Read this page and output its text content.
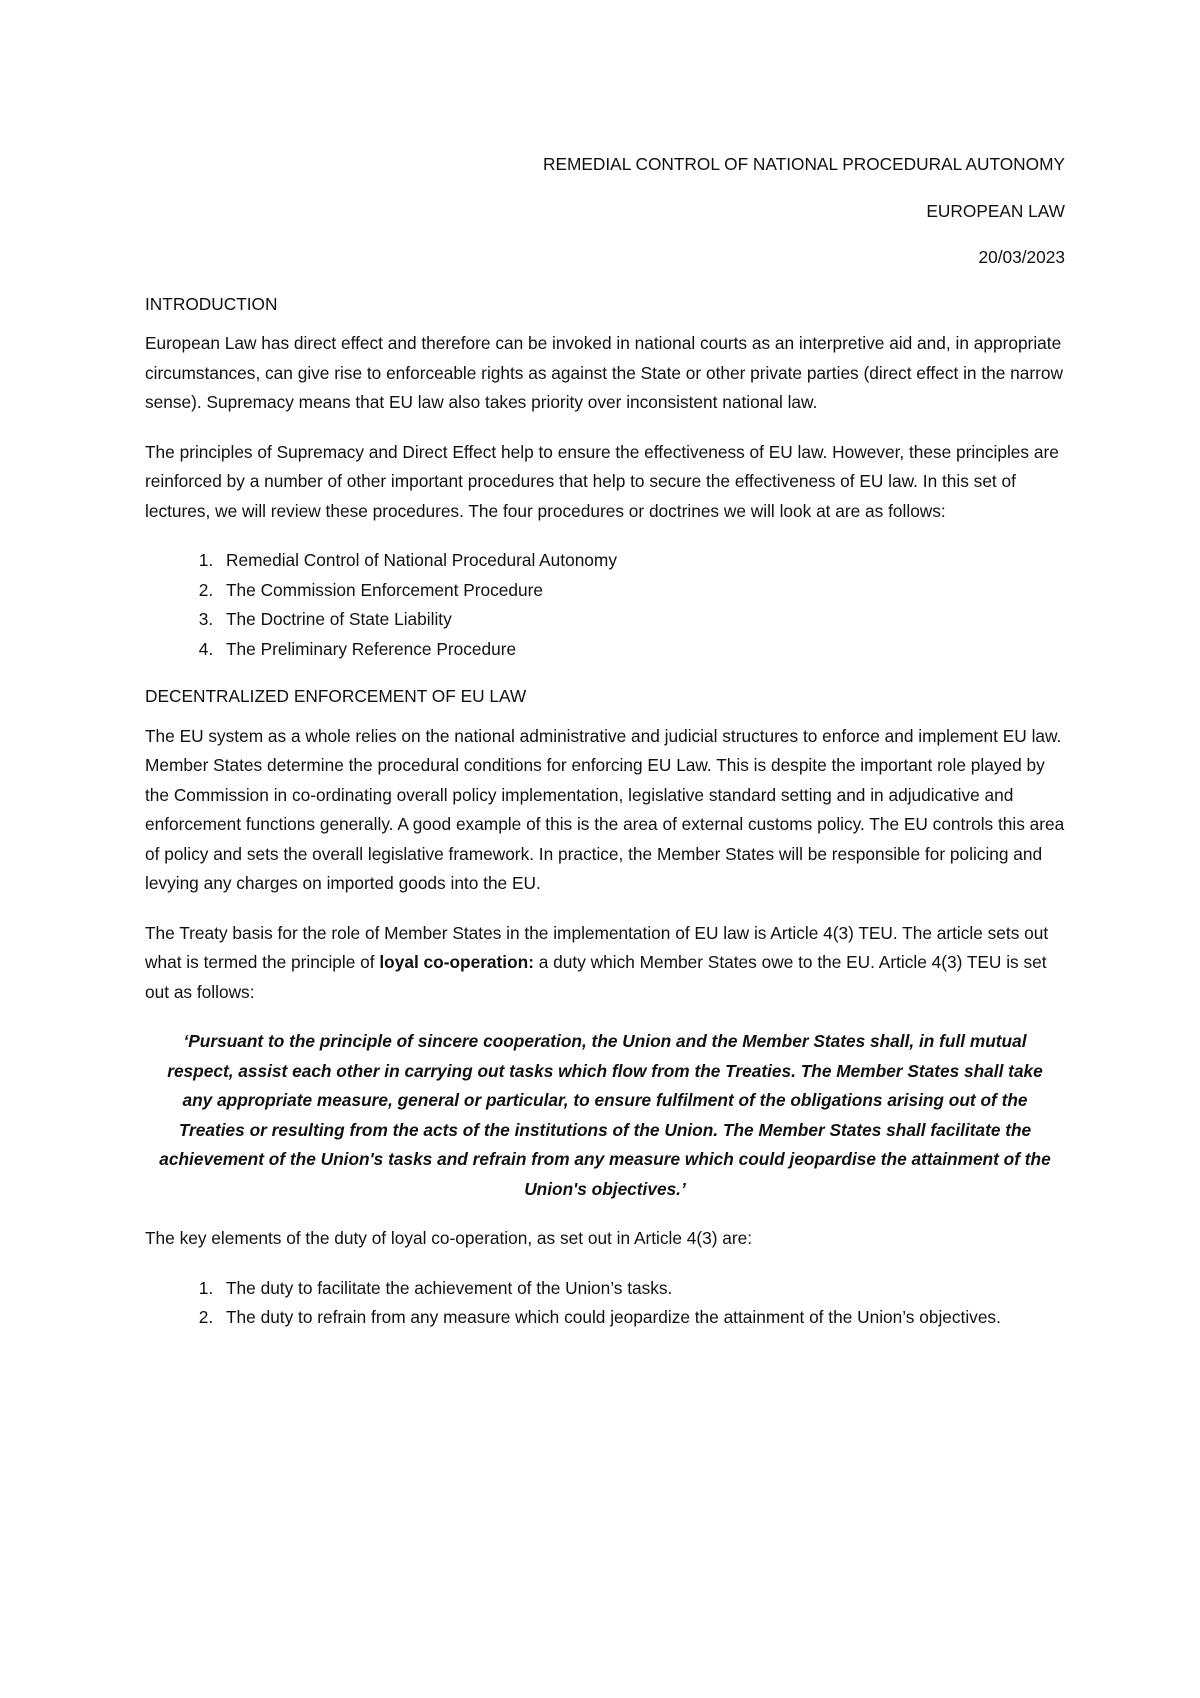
REMEDIAL CONTROL OF NATIONAL PROCEDURAL AUTONOMY
EUROPEAN LAW
20/03/2023
INTRODUCTION

European Law has direct effect and therefore can be invoked in national courts as an interpretive aid and, in appropriate circumstances, can give rise to enforceable rights as against the State or other private parties (direct effect in the narrow sense). Supremacy means that EU law also takes priority over inconsistent national law.

The principles of Supremacy and Direct Effect help to ensure the effectiveness of EU law. However, these principles are reinforced by a number of other important procedures that help to secure the effectiveness of EU law. In this set of lectures, we will review these procedures. The four procedures or doctrines we will look at are as follows:

1. Remedial Control of National Procedural Autonomy
2. The Commission Enforcement Procedure
3. The Doctrine of State Liability
4. The Preliminary Reference Procedure
DECENTRALIZED ENFORCEMENT OF EU LAW

The EU system as a whole relies on the national administrative and judicial structures to enforce and implement EU law. Member States determine the procedural conditions for enforcing EU Law. This is despite the important role played by the Commission in co-ordinating overall policy implementation, legislative standard setting and in adjudicative and enforcement functions generally. A good example of this is the area of external customs policy. The EU controls this area of policy and sets the overall legislative framework. In practice, the Member States will be responsible for policing and levying any charges on imported goods into the EU.

The Treaty basis for the role of Member States in the implementation of EU law is Article 4(3) TEU. The article sets out what is termed the principle of loyal co-operation: a duty which Member States owe to the EU. Article 4(3) TEU is set out as follows:

‘Pursuant to the principle of sincere cooperation, the Union and the Member States shall, in full mutual respect, assist each other in carrying out tasks which flow from the Treaties. The Member States shall take any appropriate measure, general or particular, to ensure fulfilment of the obligations arising out of the Treaties or resulting from the acts of the institutions of the Union. The Member States shall facilitate the achievement of the Union's tasks and refrain from any measure which could jeopardise the attainment of the Union's objectives.’

The key elements of the duty of loyal co-operation, as set out in Article 4(3) are:

1. The duty to facilitate the achievement of the Union’s tasks.
2. The duty to refrain from any measure which could jeopardize the attainment of the Union’s objectives.
